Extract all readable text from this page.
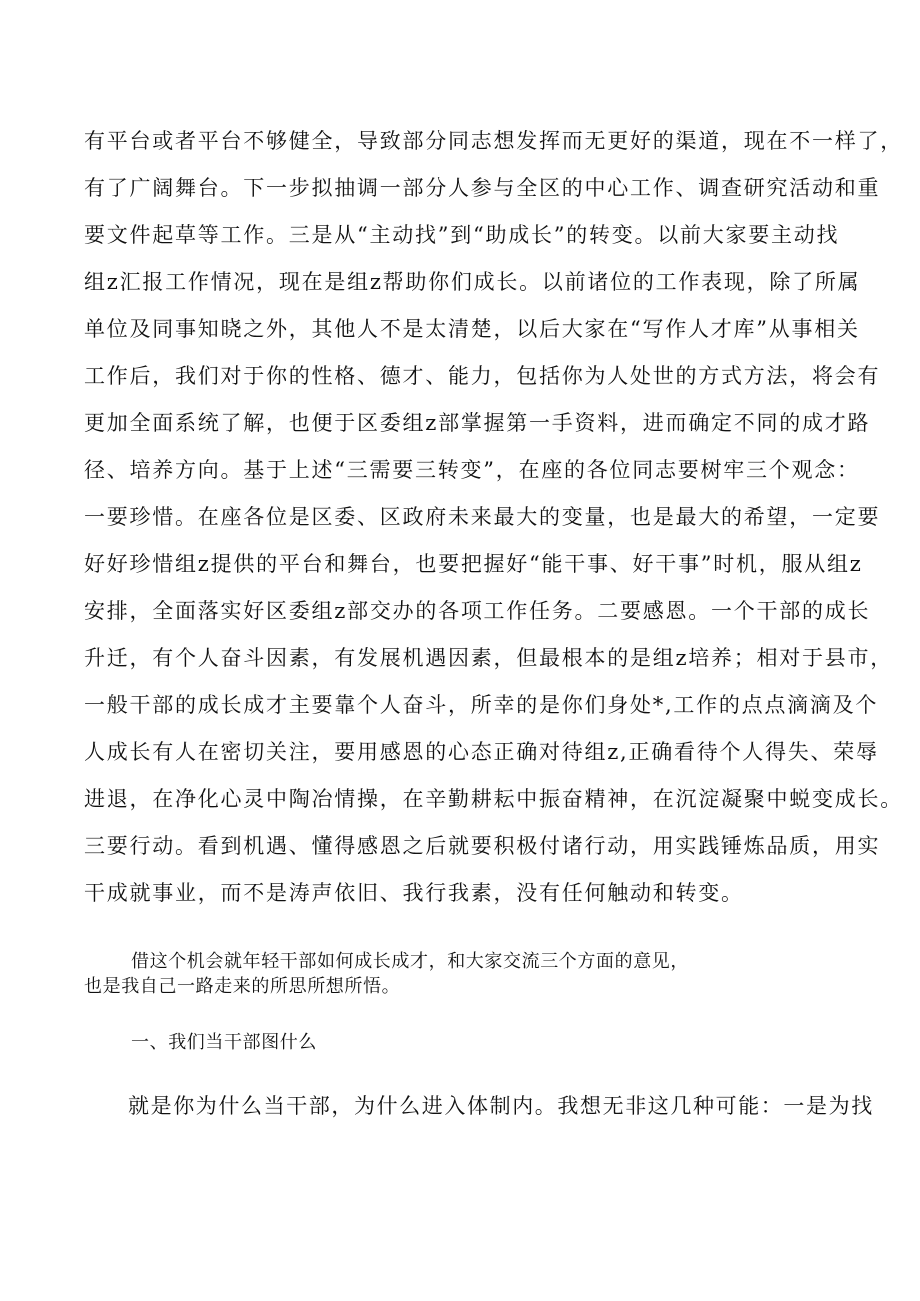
有平台或者平台不够健全，导致部分同志想发挥而无更好的渠道，现在不一样了，
有了广阔舞台。下一步拟抽调一部分人参与全区的中心工作、调查研究活动和重
要文件起草等工作。三是从“主动找”到“助成长”的转变。以前大家要主动找
组z汇报工作情况，现在是组z帮助你们成长。以前诸位的工作表现，除了所属
单位及同事知晓之外，其他人不是太清楚，以后大家在“写作人才库”从事相关
工作后，我们对于你的性格、德才、能力，包括你为人处世的方式方法，将会有
更加全面系统了解，也便于区委组z部掌握第一手资料，进而确定不同的成才路
径、培养方向。基于上述“三需要三转变”，在座的各位同志要树牢三个观念：
一要珍惜。在座各位是区委、区政府未来最大的变量，也是最大的希望，一定要
好好珍惜组z提供的平台和舞台，也要把握好“能干事、好干事”时机，服从组z
安排，全面落实好区委组z部交办的各项工作任务。二要感恩。一个干部的成长
升迁，有个人奋斗因素，有发展机遇因素，但最根本的是组z培养；相对于县市，
一般干部的成长成才主要靠个人奋斗，所幸的是你们身处*,工作的点点滴滴及个
人成长有人在密切关注，要用感恩的心态正确对待组z,正确看待个人得失、荣辱
进退，在净化心灵中陶冶情操，在辛勤耕耘中振奋精神，在沉淀凝聚中蜕变成长。
三要行动。看到机遇、懂得感恩之后就要积极付诸行动，用实践锤炼品质，用实
干成就事业，而不是涛声依旧、我行我素，没有任何触动和转变。
借这个机会就年轻干部如何成长成才，和大家交流三个方面的意见，
也是我自己一路走来的所思所想所悟。
一、我们当干部图什么
就是你为什么当干部，为什么进入体制内。我想无非这几种可能：一是为找
